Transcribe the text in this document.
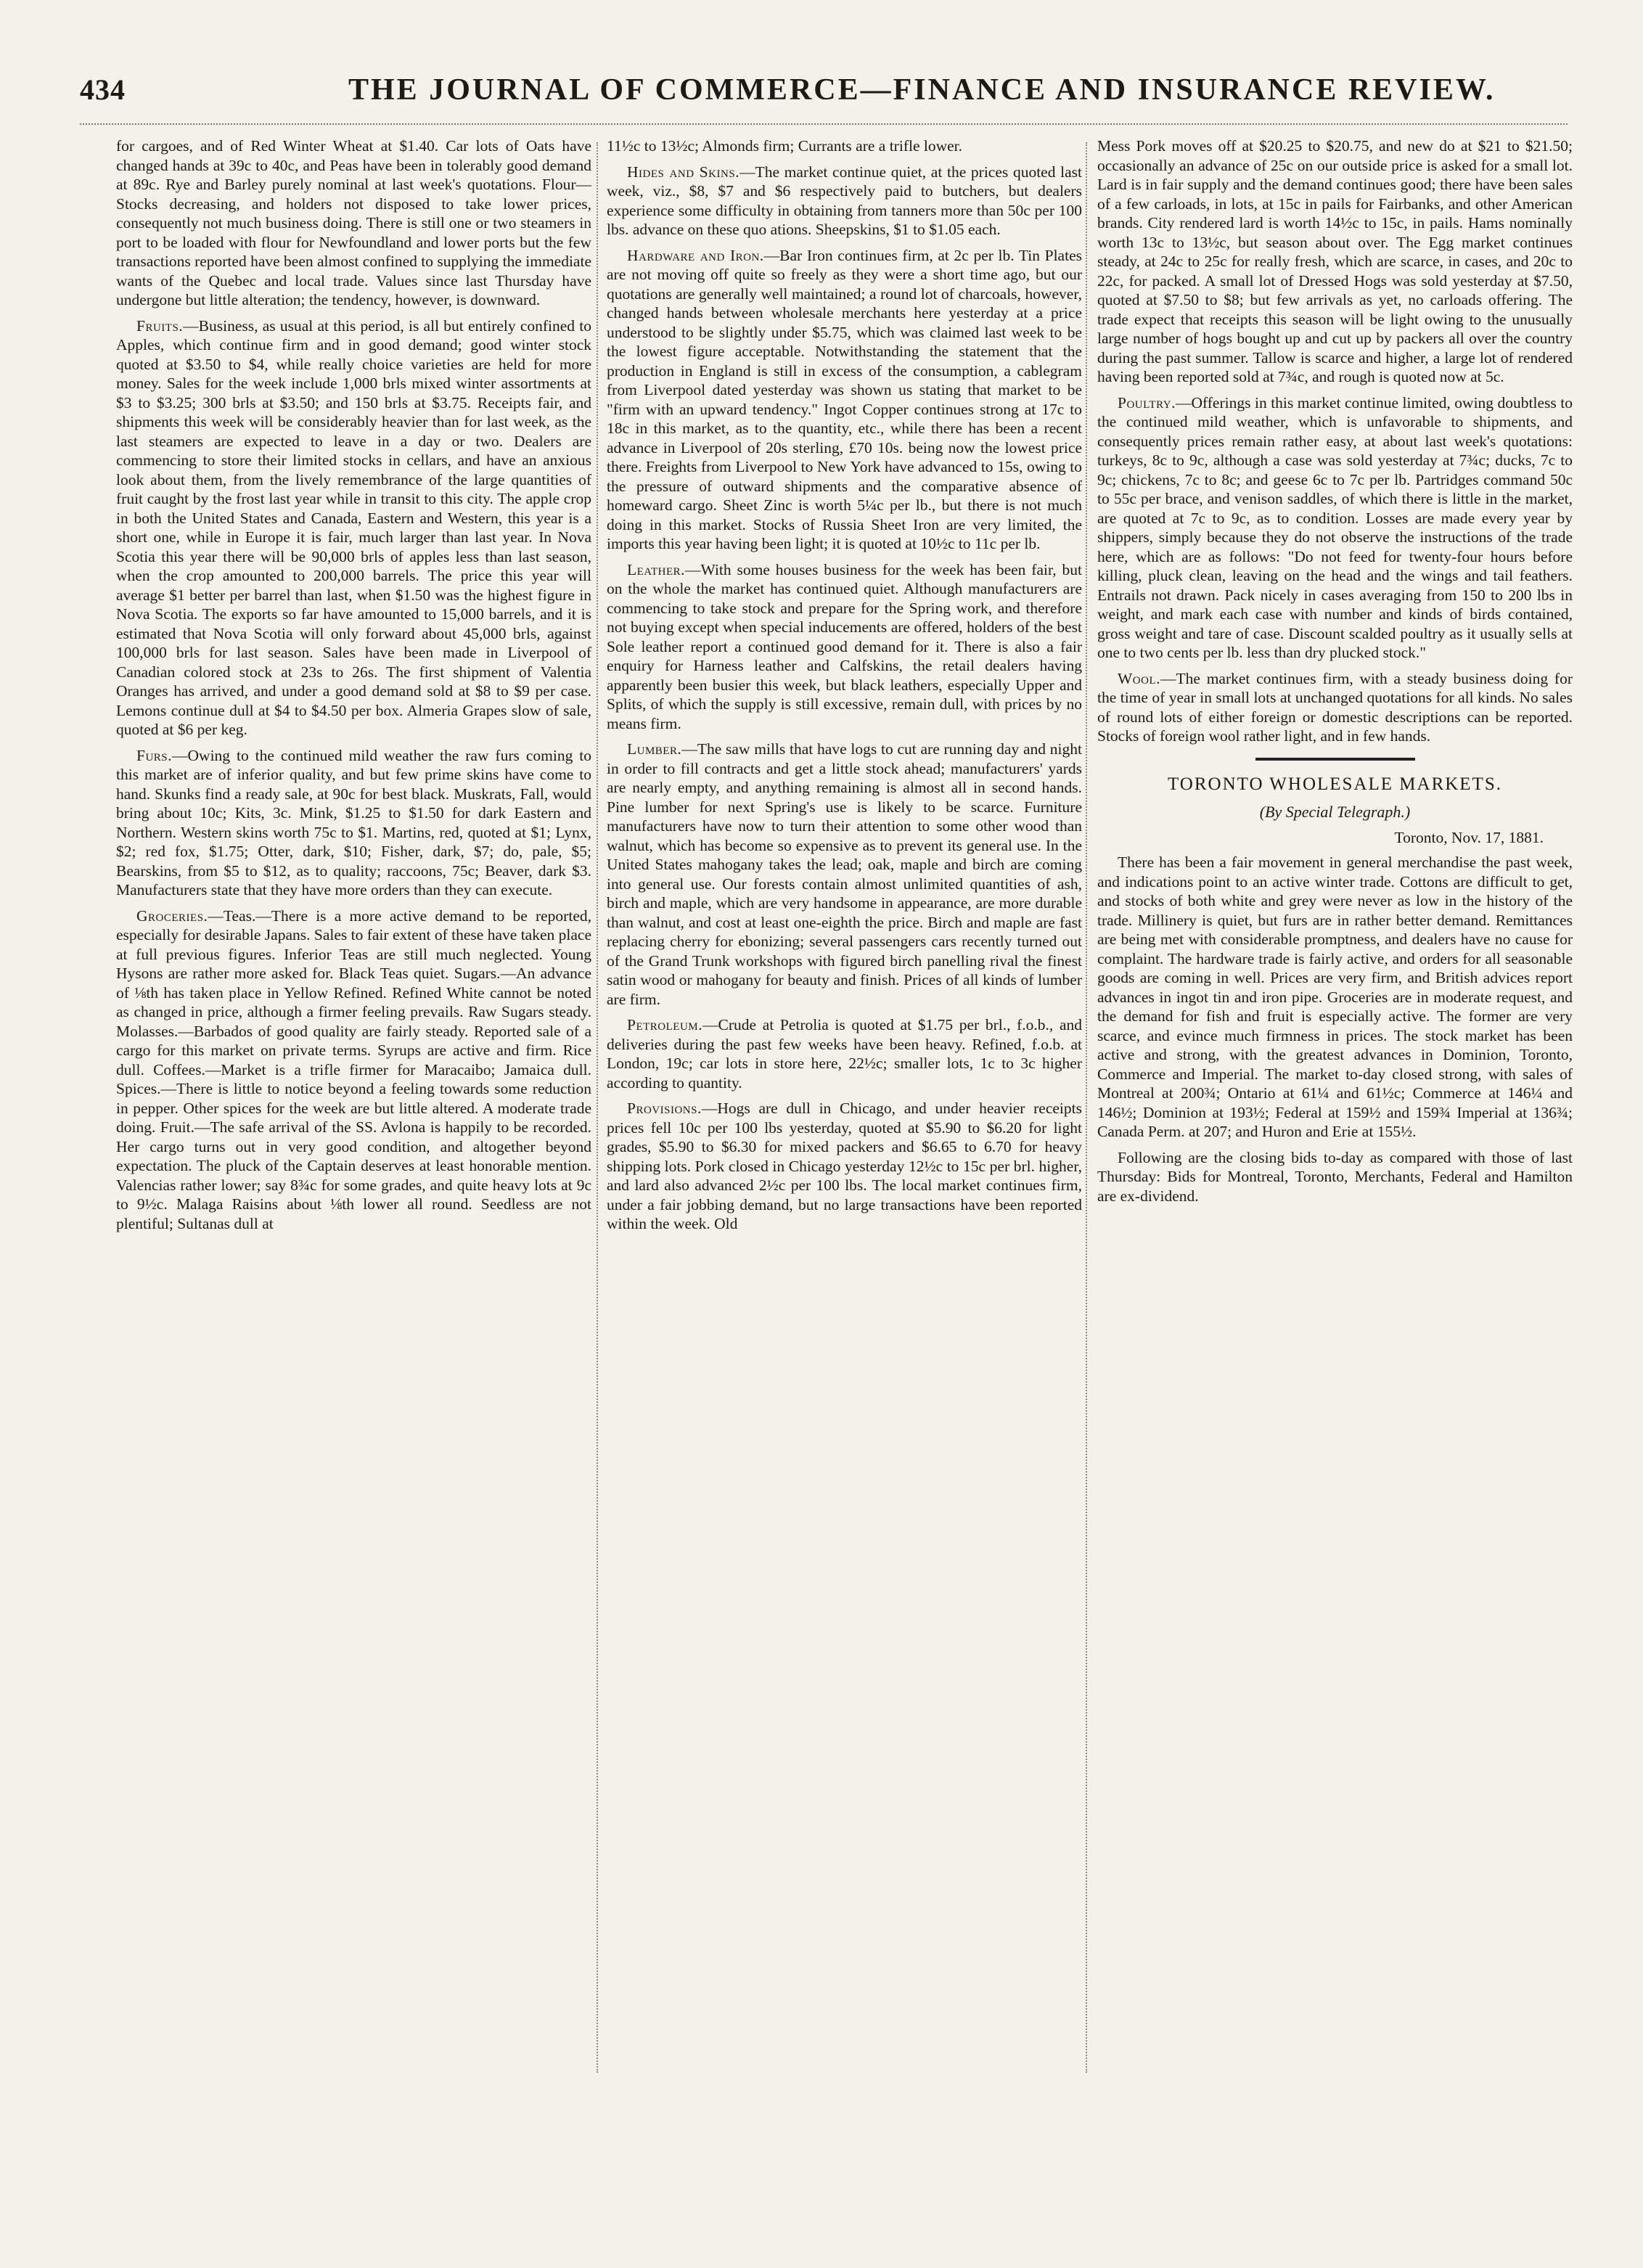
434	THE JOURNAL OF COMMERCE—FINANCE AND INSURANCE REVIEW.

for cargoes, and of Red Winter Wheat at $1.40. Car lots of Oats have changed hands at 39c to 40c, and Peas have been in tolerably good demand at 89c. Rye and Barley purely nominal at last week's quotations. Flour—Stocks decreasing, and holders not disposed to take lower prices, consequently not much business doing. There is still one or two steamers in port to be loaded with flour for Newfoundland and lower ports but the few transactions reported have been almost confined to supplying the immediate wants of the Quebec and local trade. Values since last Thursday have undergone but little alteration; the tendency, however, is downward.

Fruits.—Business, as usual at this period, is all but entirely confined to Apples, which continue firm and in good demand; good winter stock quoted at $3.50 to $4, while really choice varieties are held for more money. Sales for the week include 1,000 brls mixed winter assortments at $3 to $3.25; 300 brls at $3.50; and 150 brls at $3.75. Receipts fair, and shipments this week will be considerably heavier than for last week, as the last steamers are expected to leave in a day or two. Dealers are commencing to store their limited stocks in cellars, and have an anxious look about them, from the lively remembrance of the large quantities of fruit caught by the frost last year while in transit to this city. The apple crop in both the United States and Canada, Eastern and Western, this year is a short one, while in Europe it is fair, much larger than last year. In Nova Scotia this year there will be 90,000 brls of apples less than last season, when the crop amounted to 200,000 barrels. The price this year will average $1 better per barrel than last, when $1.50 was the highest figure in Nova Scotia. The exports so far have amounted to 15,000 barrels, and it is estimated that Nova Scotia will only forward about 45,000 brls, against 100,000 brls for last season. Sales have been made in Liverpool of Canadian colored stock at 23s to 26s. The first shipment of Valentia Oranges has arrived, and under a good demand sold at $8 to $9 per case. Lemons continue dull at $4 to $4.50 per box. Almeria Grapes slow of sale, quoted at $6 per keg.

Furs.—Owing to the continued mild weather the raw furs coming to this market are of inferior quality, and but few prime skins have come to hand. Skunks find a ready sale, at 90c for best black. Muskrats, Fall, would bring about 10c; Kits, 3c. Mink, $1.25 to $1.50 for dark Eastern and Northern. Western skins worth 75c to $1. Martins, red, quoted at $1; Lynx, $2; red fox, $1.75; Otter, dark, $10; Fisher, dark, $7; do, pale, $5; Bearskins, from $5 to $12, as to quality; raccoons, 75c; Beaver, dark $3. Manufacturers state that they have more orders than they can execute.

Groceries.—Teas.—There is a more active demand to be reported, especially for desirable Japans. Sales to fair extent of these have taken place at full previous figures. Inferior Teas are still much neglected. Young Hysons are rather more asked for. Black Teas quiet. Sugars.—An advance of ⅛th has taken place in Yellow Refined. Refined White cannot be noted as changed in price, although a firmer feeling prevails. Raw Sugars steady. Molasses.—Barbados of good quality are fairly steady. Reported sale of a cargo for this market on private terms. Syrups are active and firm. Rice dull. Coffees.—Market is a trifle firmer for Maracaibo; Jamaica dull. Spices.—There is little to notice beyond a feeling towards some reduction in pepper. Other spices for the week are but little altered. A moderate trade doing. Fruit.—The safe arrival of the SS. Avlona is happily to be recorded. Her cargo turns out in very good condition, and altogether beyond expectation. The pluck of the Captain deserves at least honorable mention. Valencias rather lower; say 8¾c for some grades, and quite heavy lots at 9c to 9½c. Malaga Raisins about ⅛th lower all round. Seedless are not plentiful; Sultanas dull at

11½c to 13½c; Almonds firm; Currants are a trifle lower.

Hides and Skins.—The market continue quiet, at the prices quoted last week, viz., $8, $7 and $6 respectively paid to butchers, but dealers experience some difficulty in obtaining from tanners more than 50c per 100 lbs. advance on these quo ations. Sheepskins, $1 to $1.05 each.

Hardware and Iron.—Bar Iron continues firm, at 2c per lb. Tin Plates are not moving off quite so freely as they were a short time ago, but our quotations are generally well maintained; a round lot of charcoals, however, changed hands between wholesale merchants here yesterday at a price understood to be slightly under $5.75, which was claimed last week to be the lowest figure acceptable. Notwithstanding the statement that the production in England is still in excess of the consumption, a cablegram from Liverpool dated yesterday was shown us stating that market to be "firm with an upward tendency." Ingot Copper continues strong at 17c to 18c in this market, as to the quantity, etc., while there has been a recent advance in Liverpool of 20s sterling, £70 10s. being now the lowest price there. Freights from Liverpool to New York have advanced to 15s, owing to the pressure of outward shipments and the comparative absence of homeward cargo. Sheet Zinc is worth 5¼c per lb., but there is not much doing in this market. Stocks of Russia Sheet Iron are very limited, the imports this year having been light; it is quoted at 10½c to 11c per lb.

Leather.—With some houses business for the week has been fair, but on the whole the market has continued quiet. Although manufacturers are commencing to take stock and prepare for the Spring work, and therefore not buying except when special inducements are offered, holders of the best Sole leather report a continued good demand for it. There is also a fair enquiry for Harness leather and Calfskins, the retail dealers having apparently been busier this week, but black leathers, especially Upper and Splits, of which the supply is still excessive, remain dull, with prices by no means firm.

Lumber.—The saw mills that have logs to cut are running day and night in order to fill contracts and get a little stock ahead; manufacturers' yards are nearly empty, and anything remaining is almost all in second hands. Pine lumber for next Spring's use is likely to be scarce. Furniture manufacturers have now to turn their attention to some other wood than walnut, which has become so expensive as to prevent its general use. In the United States mahogany takes the lead; oak, maple and birch are coming into general use. Our forests contain almost unlimited quantities of ash, birch and maple, which are very handsome in appearance, are more durable than walnut, and cost at least one-eighth the price. Birch and maple are fast replacing cherry for ebonizing; several passengers cars recently turned out of the Grand Trunk workshops with figured birch panelling rival the finest satin wood or mahogany for beauty and finish. Prices of all kinds of lumber are firm.

Petroleum.—Crude at Petrolia is quoted at $1.75 per brl., f.o.b., and deliveries during the past few weeks have been heavy. Refined, f.o.b. at London, 19c; car lots in store here, 22½c; smaller lots, 1c to 3c higher according to quantity.

Provisions.—Hogs are dull in Chicago, and under heavier receipts prices fell 10c per 100 lbs yesterday, quoted at $5.90 to $6.20 for light grades, $5.90 to $6.30 for mixed packers and $6.65 to 6.70 for heavy shipping lots. Pork closed in Chicago yesterday 12½c to 15c per brl. higher, and lard also advanced 2½c per 100 lbs. The local market continues firm, under a fair jobbing demand, but no large transactions have been reported within the week. Old

Mess Pork moves off at $20.25 to $20.75, and new do at $21 to $21.50; occasionally an advance of 25c on our outside price is asked for a small lot. Lard is in fair supply and the demand continues good; there have been sales of a few carloads, in lots, at 15c in pails for Fairbanks, and other American brands. City rendered lard is worth 14½c to 15c, in pails. Hams nominally worth 13c to 13½c, but season about over. The Egg market continues steady, at 24c to 25c for really fresh, which are scarce, in cases, and 20c to 22c, for packed. A small lot of Dressed Hogs was sold yesterday at $7.50, quoted at $7.50 to $8; but few arrivals as yet, no carloads offering. The trade expect that receipts this season will be light owing to the unusually large number of hogs bought up and cut up by packers all over the country during the past summer. Tallow is scarce and higher, a large lot of rendered having been reported sold at 7¾c, and rough is quoted now at 5c.

Poultry.—Offerings in this market continue limited, owing doubtless to the continued mild weather, which is unfavorable to shipments, and consequently prices remain rather easy, at about last week's quotations: turkeys, 8c to 9c, although a case was sold yesterday at 7¾c; ducks, 7c to 9c; chickens, 7c to 8c; and geese 6c to 7c per lb. Partridges command 50c to 55c per brace, and venison saddles, of which there is little in the market, are quoted at 7c to 9c, as to condition. Losses are made every year by shippers, simply because they do not observe the instructions of the trade here, which are as follows: "Do not feed for twenty-four hours before killing, pluck clean, leaving on the head and the wings and tail feathers. Entrails not drawn. Pack nicely in cases averaging from 150 to 200 lbs in weight, and mark each case with number and kinds of birds contained, gross weight and tare of case. Discount scalded poultry as it usually sells at one to two cents per lb. less than dry plucked stock."

Wool.—The market continues firm, with a steady business doing for the time of year in small lots at unchanged quotations for all kinds. No sales of round lots of either foreign or domestic descriptions can be reported. Stocks of foreign wool rather light, and in few hands.

TORONTO WHOLESALE MARKETS.
(By Special Telegraph.)
Toronto, Nov. 17, 1881.

There has been a fair movement in general merchandise the past week, and indications point to an active winter trade. Cottons are difficult to get, and stocks of both white and grey were never as low in the history of the trade. Millinery is quiet, but furs are in rather better demand. Remittances are being met with considerable promptness, and dealers have no cause for complaint. The hardware trade is fairly active, and orders for all seasonable goods are coming in well. Prices are very firm, and British advices report advances in ingot tin and iron pipe. Groceries are in moderate request, and the demand for fish and fruit is especially active. The former are very scarce, and evince much firmness in prices. The stock market has been active and strong, with the greatest advances in Dominion, Toronto, Commerce and Imperial. The market to-day closed strong, with sales of Montreal at 200¾; Ontario at 61¼ and 61½c; Commerce at 146¼ and 146½; Dominion at 193½; Federal at 159½ and 159¾ Imperial at 136¾; Canada Perm. at 207; and Huron and Erie at 155½.

Following are the closing bids to-day as compared with those of last Thursday: Bids for Montreal, Toronto, Merchants, Federal and Hamilton are ex-dividend.
